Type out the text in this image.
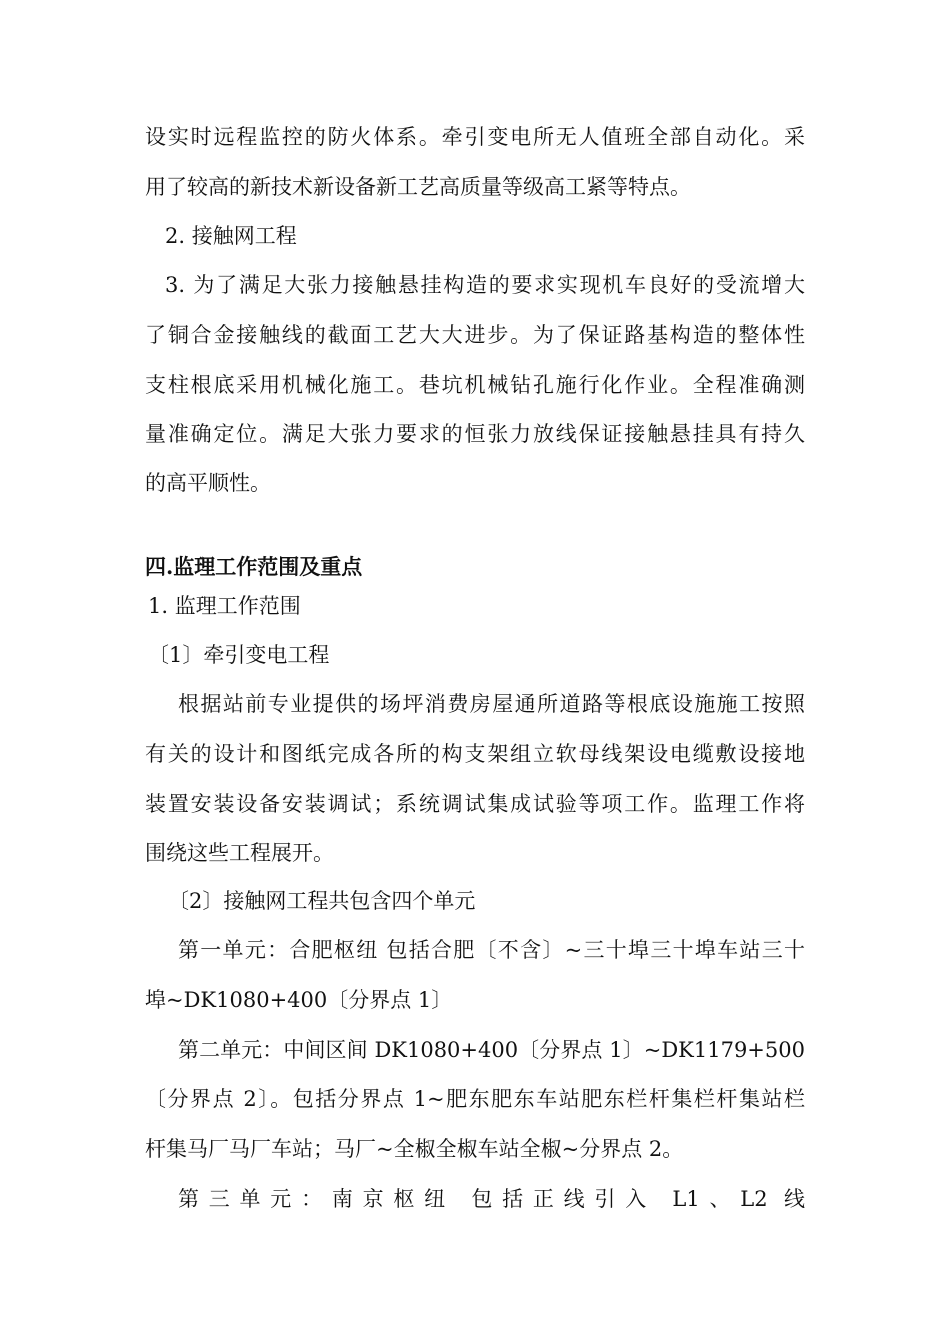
设实时远程监控的防火体系。牵引变电所无人值班全部自动化。采
用了较高的新技术新设备新工艺高质量等级高工紧等特点。
2. 接触网工程
3. 为了满足大张力接触悬挂构造的要求实现机车良好的受流增大
了铜合金接触线的截面工艺大大进步。为了保证路基构造的整体性
支柱根底采用机械化施工。巷坑机械钻孔施行化作业。全程准确测
量准确定位。满足大张力要求的恒张力放线保证接触悬挂具有持久
的高平顺性。
四.监理工作范围及重点
1. 监理工作范围
〔1〕牵引变电工程
根据站前专业提供的场坪消费房屋通所道路等根底设施施工按照
有关的设计和图纸完成各所的构支架组立软母线架设电缆敷设接地
装置安装设备安装调试；系统调试集成试验等项工作。监理工作将
围绕这些工程展开。
〔2〕接触网工程共包含四个单元
第一单元：合肥枢纽 包括合肥〔不含〕~三十埠三十埠车站三十
埠~DK1080+400〔分界点 1〕
第二单元：中间区间 DK1080+400〔分界点 1〕~DK1179+500
〔分界点 2〕。包括分界点 1~肥东肥东车站肥东栏杆集栏杆集站栏
杆集马厂马厂车站；马厂~全椒全椒车站全椒~分界点 2。
第三单元：南京枢纽 包括正线引入 L1、L2 线
